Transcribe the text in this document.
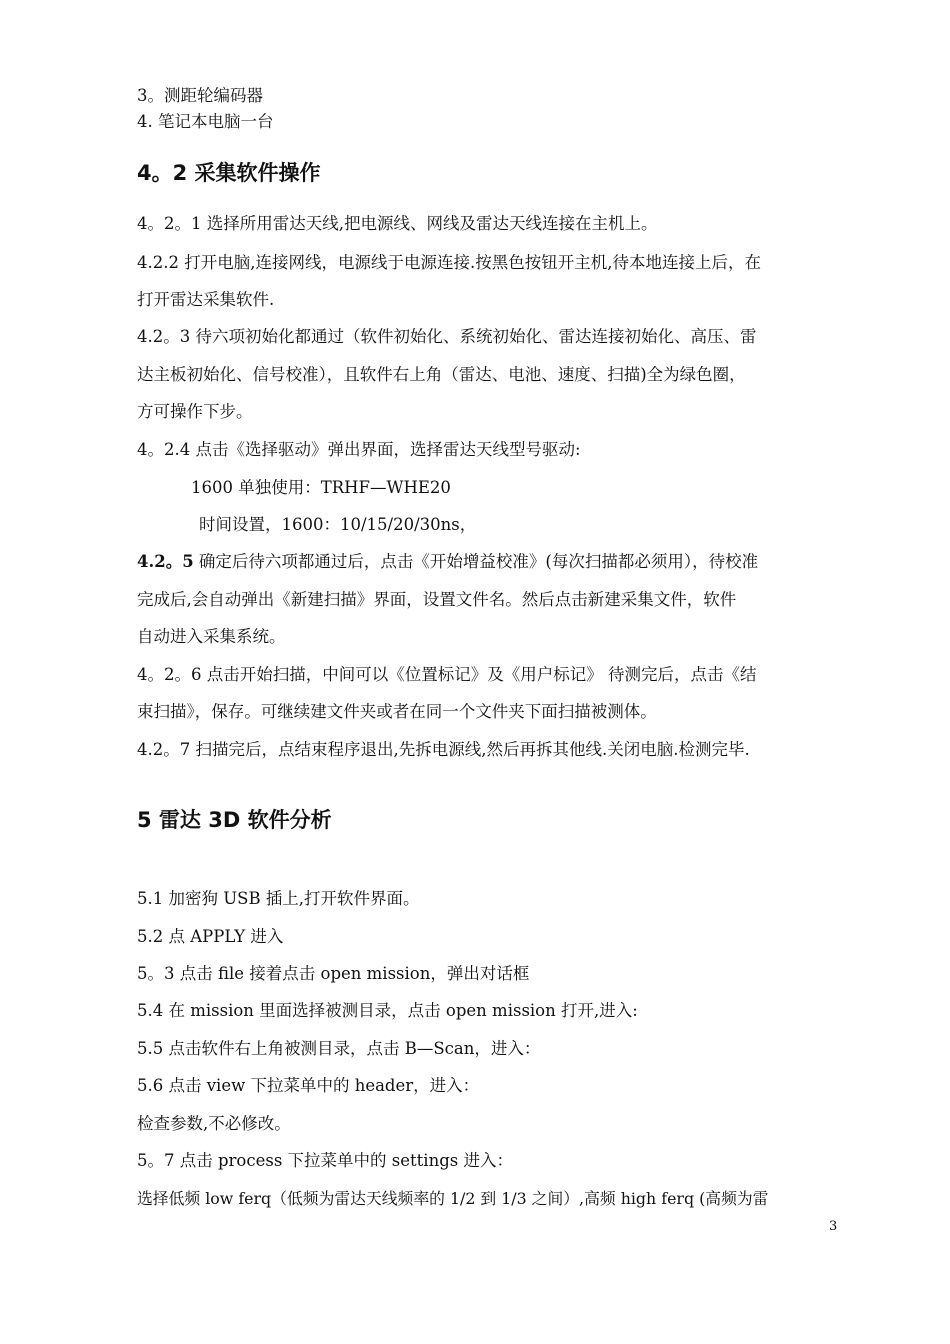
3。测距轮编码器
4. 笔记本电脑一台
4。2 采集软件操作
4。2。1 选择所用雷达天线,把电源线、网线及雷达天线连接在主机上。
4.2.2 打开电脑,连接网线，电源线于电源连接.按黑色按钮开主机,待本地连接上后，在
打开雷达采集软件.
4.2。3 待六项初始化都通过（软件初始化、系统初始化、雷达连接初始化、高压、雷
达主板初始化、信号校准），且软件右上角（雷达、电池、速度、扫描)全为绿色圈，
方可操作下步。
4。2.4 点击《选择驱动》弹出界面，选择雷达天线型号驱动:
1600 单独使用：TRHF—WHE20
时间设置，1600：10/15/20/30ns，
4.2。5 确定后待六项都通过后，点击《开始增益校准》(每次扫描都必须用），待校准
完成后,会自动弹出《新建扫描》界面，设置文件名。然后点击新建采集文件，软件
自动进入采集系统。
4。2。6 点击开始扫描，中间可以《位置标记》及《用户标记》 待测完后，点击《结
束扫描》，保存。可继续建文件夹或者在同一个文件夹下面扫描被测体。
4.2。7 扫描完后，点结束程序退出,先拆电源线,然后再拆其他线.关闭电脑.检测完毕.
5 雷达 3D 软件分析
5.1 加密狗 USB 插上,打开软件界面。
5.2 点 APPLY 进入
5。3 点击 file 接着点击 open mission，弹出对话框
5.4 在 mission 里面选择被测目录，点击 open mission 打开,进入:
5.5 点击软件右上角被测目录，点击 B—Scan，进入：
5.6 点击 view 下拉菜单中的 header，进入：
检查参数,不必修改。
5。7 点击 process 下拉菜单中的 settings 进入：
选择低频 low ferq（低频为雷达天线频率的 1/2 到 1/3 之间）,高频 high ferq (高频为雷
3
